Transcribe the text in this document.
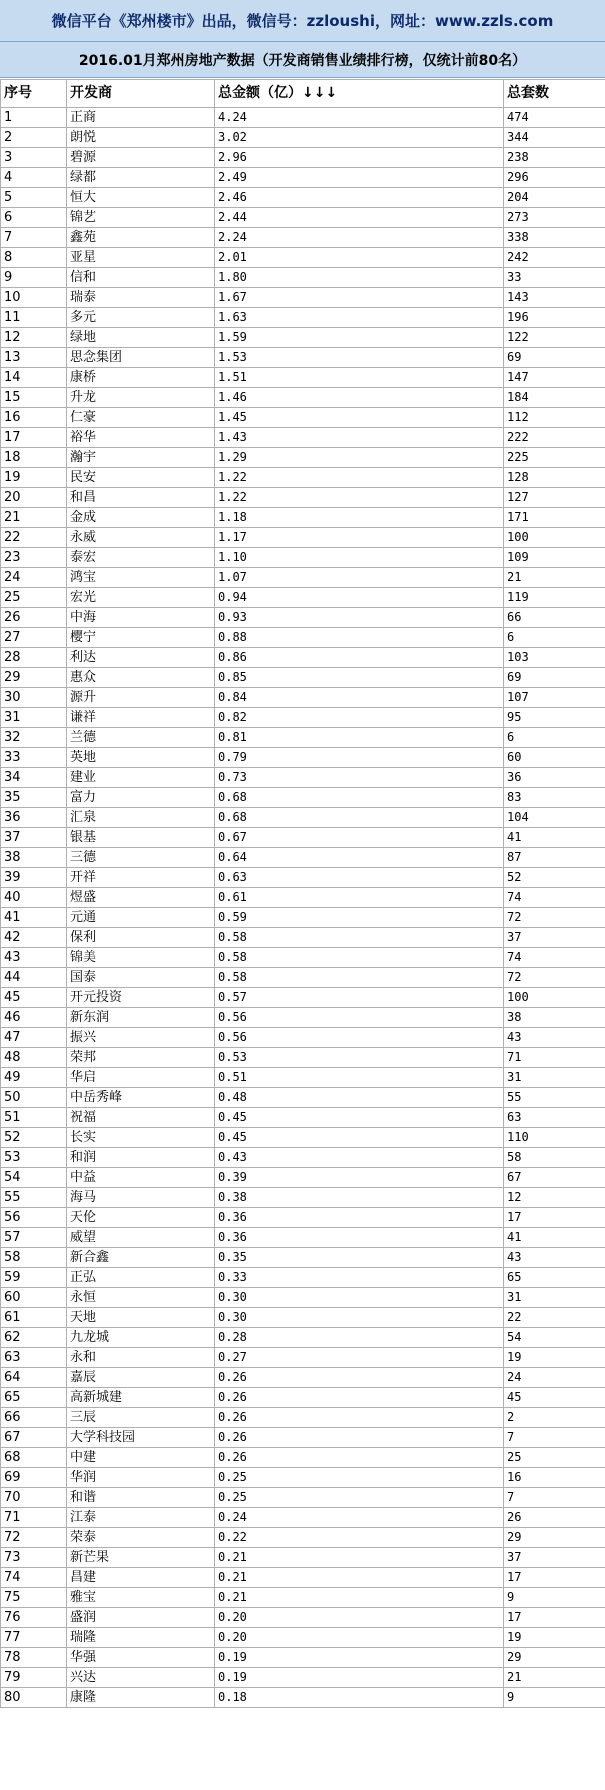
微信平台《郑州楼市》出品，微信号：zzloushi，网址：www.zzls.com
2016.01月郑州房地产数据（开发商销售业绩排行榜，仅统计前80名）
序号	开发商	总金额（亿）↓↓↓	总套数
1	正商	4.24	474
2	朗悦	3.02	344
3	碧源	2.96	238
4	绿都	2.49	296
5	恒大	2.46	204
6	锦艺	2.44	273
7	鑫苑	2.24	338
8	亚星	2.01	242
9	信和	1.80	33
10	瑞泰	1.67	143
11	多元	1.63	196
12	绿地	1.59	122
13	思念集团	1.53	69
14	康桥	1.51	147
15	升龙	1.46	184
16	仁豪	1.45	112
17	裕华	1.43	222
18	瀚宇	1.29	225
19	民安	1.22	128
20	和昌	1.22	127
21	金成	1.18	171
22	永威	1.17	100
23	泰宏	1.10	109
24	鸿宝	1.07	21
25	宏光	0.94	119
26	中海	0.93	66
27	樱宁	0.88	6
28	利达	0.86	103
29	惠众	0.85	69
30	源升	0.84	107
31	谦祥	0.82	95
32	兰德	0.81	6
33	英地	0.79	60
34	建业	0.73	36
35	富力	0.68	83
36	汇泉	0.68	104
37	银基	0.67	41
38	三德	0.64	87
39	开祥	0.63	52
40	煜盛	0.61	74
41	元通	0.59	72
42	保利	0.58	37
43	锦美	0.58	74
44	国泰	0.58	72
45	开元投资	0.57	100
46	新东润	0.56	38
47	振兴	0.56	43
48	荣邦	0.53	71
49	华启	0.51	31
50	中岳秀峰	0.48	55
51	祝福	0.45	63
52	长实	0.45	110
53	和润	0.43	58
54	中益	0.39	67
55	海马	0.38	12
56	天伦	0.36	17
57	威望	0.36	41
58	新合鑫	0.35	43
59	正弘	0.33	65
60	永恒	0.30	31
61	天地	0.30	22
62	九龙城	0.28	54
63	永和	0.27	19
64	嘉辰	0.26	24
65	高新城建	0.26	45
66	三辰	0.26	2
67	大学科技园	0.26	7
68	中建	0.26	25
69	华润	0.25	16
70	和谐	0.25	7
71	江泰	0.24	26
72	荣泰	0.22	29
73	新芒果	0.21	37
74	昌建	0.21	17
75	雅宝	0.21	9
76	盛润	0.20	17
77	瑞隆	0.20	19
78	华强	0.19	29
79	兴达	0.19	21
80	康隆	0.18	9
